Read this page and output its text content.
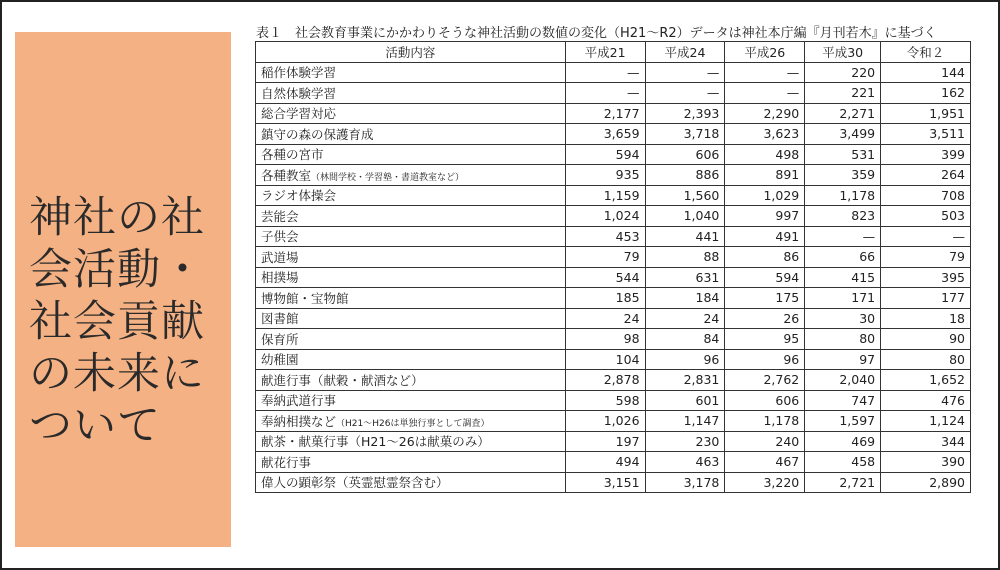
神社の社
会活動・
社会貢献
の未来に
ついて
表１　社会教育事業にかかわりそうな神社活動の数値の変化（H21～R2）データは神社本庁編『月刊若木』に基づく
活動内容	平成21	平成24	平成26	平成30	令和２
稲作体験学習	—	—	—	220	144
自然体験学習	—	—	—	221	162
総合学習対応	2,177	2,393	2,290	2,271	1,951
鎮守の森の保護育成	3,659	3,718	3,623	3,499	3,511
各種の宮市	594	606	498	531	399
各種教室（林間学校・学習塾・書道教室など）	935	886	891	359	264
ラジオ体操会	1,159	1,560	1,029	1,178	708
芸能会	1,024	1,040	997	823	503
子供会	453	441	491	—	—
武道場	79	88	86	66	79
相撲場	544	631	594	415	395
博物館・宝物館	185	184	175	171	177
図書館	24	24	26	30	18
保育所	98	84	95	80	90
幼稚園	104	96	96	97	80
献進行事（献穀・献酒など）	2,878	2,831	2,762	2,040	1,652
奉納武道行事	598	601	606	747	476
奉納相撲など（H21～H26は単独行事として調査）	1,026	1,147	1,178	1,597	1,124
献茶・献菓行事（H21～26は献菓のみ）	197	230	240	469	344
献花行事	494	463	467	458	390
偉人の顕彰祭（英霊慰霊祭含む）	3,151	3,178	3,220	2,721	2,890
